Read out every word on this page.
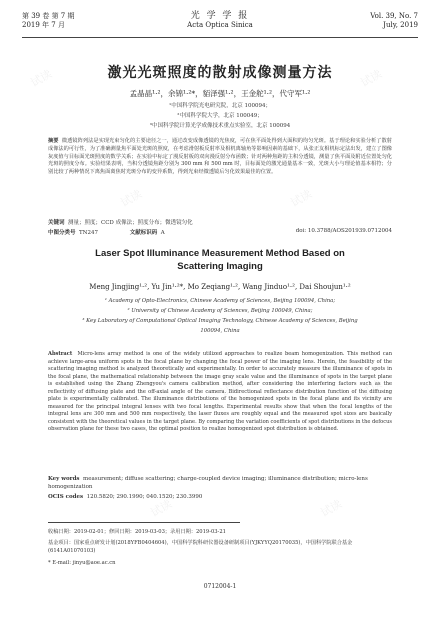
第 39 卷 第 7 期
2019 年 7 月
光 学 学 报
Acta Optica Sinica
Vol. 39, No. 7
July, 2019
激光光斑照度的散射成像测量方法
孟晶晶¹·²，余锦¹·²*，貊泽强¹·²，王金舵¹·²，代守军¹·²
¹中国科学院光电研究院，北京 100094；
²中国科学院大学，北京 100049；
³中国科学院计算光学成像技术重点实验室，北京 100094
摘要 微透镜阵列法是实现光束匀化的主要途径之一，通过改变成像透镜的光焦度，可在焦平面处得到大面积的均匀光斑。基于理论和实验分析了散射成像法的可行性，为了准确测量焦平面处光斑的照度，在考虑滑射板反射率及相机离轴角等影响因素的基础下，从张正友相机标定法出发，建立了图像灰度值与目标面光斑照度的数学关系；在实验中标定了漫反射板的双向漫反射分布函数；针对两种焦距的主积分透镜，测量了焦平面及附近位置处匀化光斑的照度分布。实验结果表明，当积分透镜焦距分别为 300 mm 和 500 mm 时，目标面处的激光通量基本一致，光斑大小与理论值基本相符；分别比较了两种情况下离焦面离焦时光斑分布的变异系数，得到光束经微透镜后匀化效果最佳的位置。
关键词 测量；照度；CCD 成像法；照度分布；微透镜匀化
中图分类号 TN247	文献标识码 A	doi: 10.3788/AOS201939.0712004
Laser Spot Illuminance Measurement Method Based on
Scattering Imaging
Meng Jingjing¹·², Yu Jin¹·²*, Mo Zeqiang¹·², Wang Jinduo¹·², Dai Shoujun¹·²
¹ Academy of Opto-Electronics, Chinese Academy of Sciences, Beijing 100094, China;
² University of Chinese Academy of Sciences, Beijing 100049, China;
³ Key Laboratory of Computational Optical Imaging Technology, Chinese Academy of Sciences, Beijing
100094, China
Abstract Micro-lens array method is one of the widely utilized approaches to realize beam homogenization. This method can achieve large-area uniform spots in the focal plane by changing the focal power of the imaging lens. Herein, the feasibility of the scattering imaging method is analyzed theoretically and experimentally. In order to accurately measure the illuminance of spots in the focal plane, the mathematical relationship between the image gray scale value and the illuminance of spots in the target plane is established using the Zhang Zhengyou's camera calibration method, after considering the interfering factors such as the reflectivity of diffusing plate and the off-axial angle of the camera. Bidirectional reflectance distribution function of the diffusing plate is experimentally calibrated. The illuminance distributions of the homogenized spots in the focal plane and its vicinity are measured for the principal integral lenses with two focal lengths. Experimental results show that when the focal lengths of the integral lens are 300 mm and 500 mm respectively, the laser fluxes are roughly equal and the measured spot sizes are basically consistent with the theoretical values in the target plane. By comparing the variation coefficients of spot distributions in the defocus observation plane for these two cases, the optimal position to realize homogenized spot distribution is obtained.
Key words measurement; diffuse scattering; charge-coupled device imaging; illuminance distribution; micro-lens homogenization
OCIS codes 120.5820; 290.1990; 040.1520; 230.3990
收稿日期：2019-02-01；修回日期：2019-03-03；录用日期：2019-03-21
基金项目：国家重点研发计划(2018YFB0404604)，中国科学院科研仪器设备研制项目(YJKYYQ20170035)，中国科学院联合基金(6141A01070103)
* E-mail: jinyu@aoe.ac.cn
0712004-1
试读	试读
试读	试读
试读	试读	试读
试读	试读
